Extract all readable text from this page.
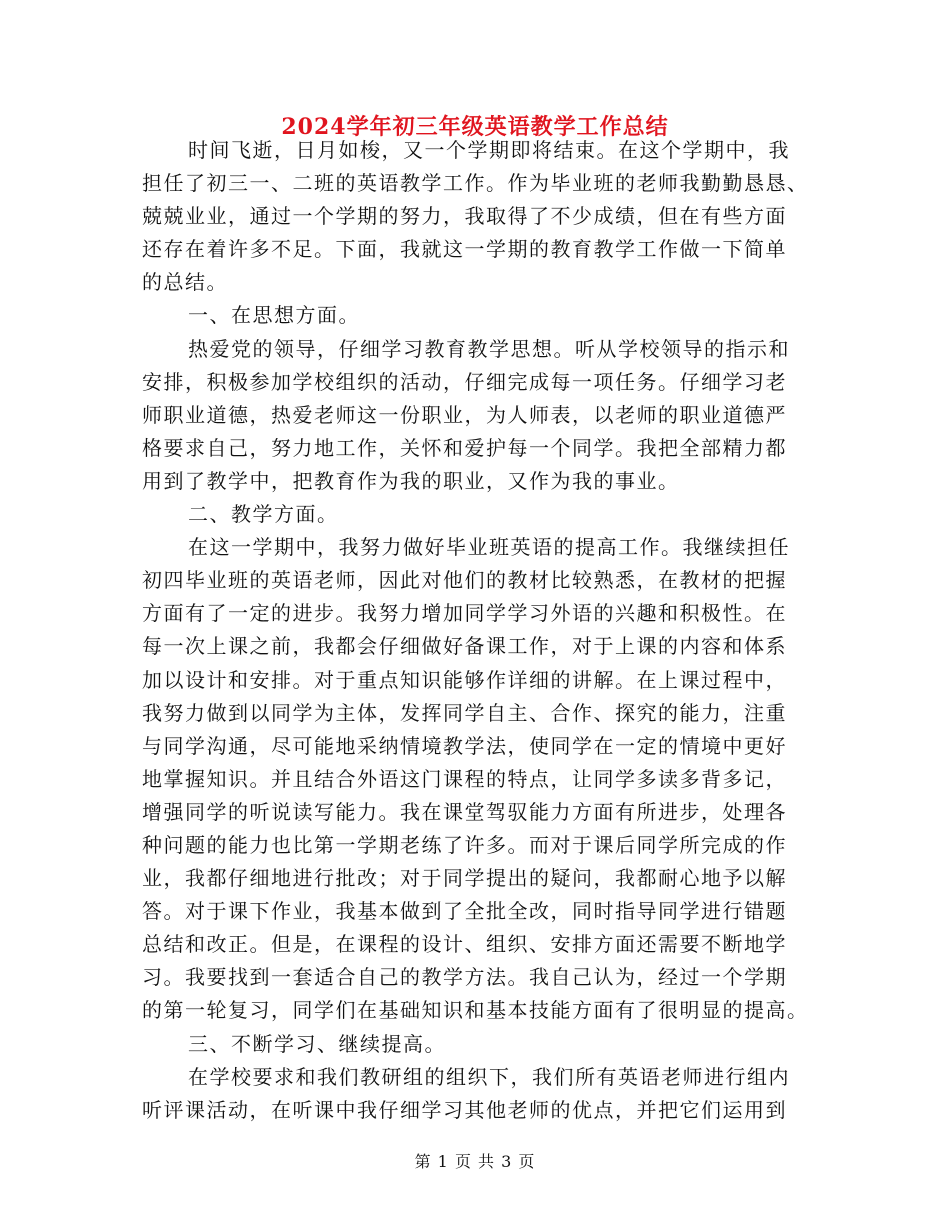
2024学年初三年级英语教学工作总结
时间飞逝，日月如梭，又一个学期即将结束。在这个学期中，我
担任了初三一、二班的英语教学工作。作为毕业班的老师我勤勤恳恳、
兢兢业业，通过一个学期的努力，我取得了不少成绩，但在有些方面
还存在着许多不足。下面，我就这一学期的教育教学工作做一下简单
的总结。
一、在思想方面。
热爱党的领导，仔细学习教育教学思想。听从学校领导的指示和
安排，积极参加学校组织的活动，仔细完成每一项任务。仔细学习老
师职业道德，热爱老师这一份职业，为人师表，以老师的职业道德严
格要求自己，努力地工作，关怀和爱护每一个同学。我把全部精力都
用到了教学中，把教育作为我的职业，又作为我的事业。
二、教学方面。
在这一学期中，我努力做好毕业班英语的提高工作。我继续担任
初四毕业班的英语老师，因此对他们的教材比较熟悉，在教材的把握
方面有了一定的进步。我努力增加同学学习外语的兴趣和积极性。在
每一次上课之前，我都会仔细做好备课工作，对于上课的内容和体系
加以设计和安排。对于重点知识能够作详细的讲解。在上课过程中，
我努力做到以同学为主体，发挥同学自主、合作、探究的能力，注重
与同学沟通，尽可能地采纳情境教学法，使同学在一定的情境中更好
地掌握知识。并且结合外语这门课程的特点，让同学多读多背多记，
增强同学的听说读写能力。我在课堂驾驭能力方面有所进步，处理各
种问题的能力也比第一学期老练了许多。而对于课后同学所完成的作
业，我都仔细地进行批改；对于同学提出的疑问，我都耐心地予以解
答。对于课下作业，我基本做到了全批全改，同时指导同学进行错题
总结和改正。但是，在课程的设计、组织、安排方面还需要不断地学
习。我要找到一套适合自己的教学方法。我自己认为，经过一个学期
的第一轮复习，同学们在基础知识和基本技能方面有了很明显的提高。
三、不断学习、继续提高。
在学校要求和我们教研组的组织下，我们所有英语老师进行组内
听评课活动，在听课中我仔细学习其他老师的优点，并把它们运用到
第 1 页 共 3 页
